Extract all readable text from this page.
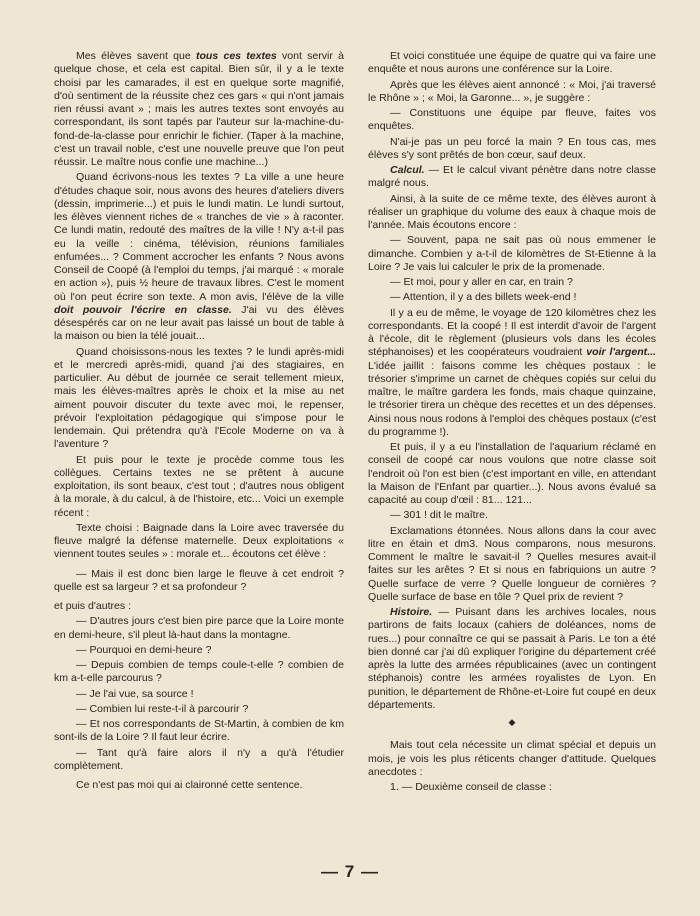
Mes élèves savent que tous ces textes vont servir à quelque chose, et cela est capital. Bien sûr, il y a le texte choisi par les camarades, il est en quelque sorte magnifié, d'où sentiment de la réussite chez ces gars « qui n'ont jamais rien réussi avant » ; mais les autres textes sont envoyés au correspondant, ils sont tapés par l'auteur sur la-machine-du-fond-de-la-classe pour enrichir le fichier. (Taper à la machine, c'est un travail noble, c'est une nouvelle preuve que l'on peut réussir. Le maître nous confie une machine...)

Quand écrivons-nous les textes ? La ville a une heure d'études chaque soir, nous avons des heures d'ateliers divers (dessin, imprimerie...) et puis le lundi matin. Le lundi surtout, les élèves viennent riches de « tranches de vie » à raconter. Ce lundi matin, redouté des maîtres de la ville ! N'y a-t-il pas eu la veille : cinéma, télévision, réunions familiales enfumées... ? Comment accrocher les enfants ? Nous avons Conseil de Coopé (à l'emploi du temps, j'ai marqué : « morale en action »), puis ½ heure de travaux libres. C'est le moment où l'on peut écrire son texte. A mon avis, l'élève de la ville doit pouvoir l'écrire en classe. J'ai vu des élèves désespérés car on ne leur avait pas laissé un bout de table à la maison ou bien la télé jouait...

Quand choisissons-nous les textes ? le lundi après-midi et le mercredi après-midi, quand j'ai des stagiaires, en particulier. Au début de journée ce serait tellement mieux, mais les élèves-maîtres après le choix et la mise au net aiment pouvoir discuter du texte avec moi, le repenser, prévoir l'exploitation pédagogique qui s'impose pour le lendemain. Qui prétendra qu'à l'Ecole Moderne on va à l'aventure ?

Et puis pour le texte je procède comme tous les collègues. Certains textes ne se prêtent à aucune exploitation, ils sont beaux, c'est tout ; d'autres nous obligent à la morale, à du calcul, à de l'histoire, etc... Voici un exemple récent :

Texte choisi : Baignade dans la Loire avec traversée du fleuve malgré la défense maternelle. Deux exploitations « viennent toutes seules » : morale et... écoutons cet élève :

— Mais il est donc bien large le fleuve à cet endroit ? quelle est sa largeur ? et sa profondeur ?

et puis d'autres :

— D'autres jours c'est bien pire parce que la Loire monte en demi-heure, s'il pleut là-haut dans la montagne.

— Pourquoi en demi-heure ?

— Depuis combien de temps coule-t-elle ? combien de km a-t-elle parcourus ?

— Je l'ai vue, sa source !

— Combien lui reste-t-il à parcourir ?

— Et nos correspondants de St-Martin, à combien de km sont-ils de la Loire ? Il faut leur écrire.

— Tant qu'à faire alors il n'y a qu'à l'étudier complètement.

Ce n'est pas moi qui ai claironné cette sentence.

Et voici constituée une équipe de quatre qui va faire une enquête et nous aurons une conférence sur la Loire.

Après que les élèves aient annoncé : « Moi, j'ai traversé le Rhône » ; « Moi, la Garonne... », je suggère :

— Constituons une équipe par fleuve, faites vos enquêtes.

N'ai-je pas un peu forcé la main ? En tous cas, mes élèves s'y sont prêtés de bon cœur, sauf deux.

Calcul. — Et le calcul vivant pénètre dans notre classe malgré nous.

Ainsi, à la suite de ce même texte, des élèves auront à réaliser un graphique du volume des eaux à chaque mois de l'année. Mais écoutons encore :

— Souvent, papa ne sait pas où nous emmener le dimanche. Combien y a-t-il de kilomètres de St-Etienne à la Loire ? Je vais lui calculer le prix de la promenade.

— Et moi, pour y aller en car, en train ?

— Attention, il y a des billets week-end !

Il y a eu de même, le voyage de 120 kilomètres chez les correspondants. Et la coopé ! Il est interdit d'avoir de l'argent à l'école, dit le règlement (plusieurs vols dans les écoles stéphanoises) et les coopérateurs voudraient voir l'argent... L'idée jaillit : faisons comme les chèques postaux : le trésorier s'imprime un carnet de chèques copiés sur celui du maître, le maître gardera les fonds, mais chaque quinzaine, le trésorier tirera un chèque des recettes et un des dépenses. Ainsi nous nous rodons à l'emploi des chèques postaux (c'est du programme !).

Et puis, il y a eu l'installation de l'aquarium réclamé en conseil de coopé car nous voulons que notre classe soit l'endroit où l'on est bien (c'est important en ville, en attendant la Maison de l'Enfant par quartier...). Nous avons évalué sa capacité au coup d'œil : 81... 121...

— 301 ! dit le maître.

Exclamations étonnées. Nous allons dans la cour avec litre en étain et dm3. Nous comparons, nous mesurons. Comment le maître le savait-il ? Quelles mesures avait-il faites sur les arêtes ? Et si nous en fabriquions un autre ? Quelle surface de verre ? Quelle longueur de cornières ? Quelle surface de base en tôle ? Quel prix de revient ?

Histoire. — Puisant dans les archives locales, nous partirons de faits locaux (cahiers de doléances, noms de rues...) pour connaître ce qui se passait à Paris. Le ton a été bien donné car j'ai dû expliquer l'origine du département créé après la lutte des armées républicaines (avec un contingent stéphanois) contre les armées royalistes de Lyon. En punition, le département de Rhône-et-Loire fut coupé en deux départements.

◆

Mais tout cela nécessite un climat spécial et depuis un mois, je vois les plus réticents changer d'attitude. Quelques anecdotes :

1. — Deuxième conseil de classe :

— 7 —
